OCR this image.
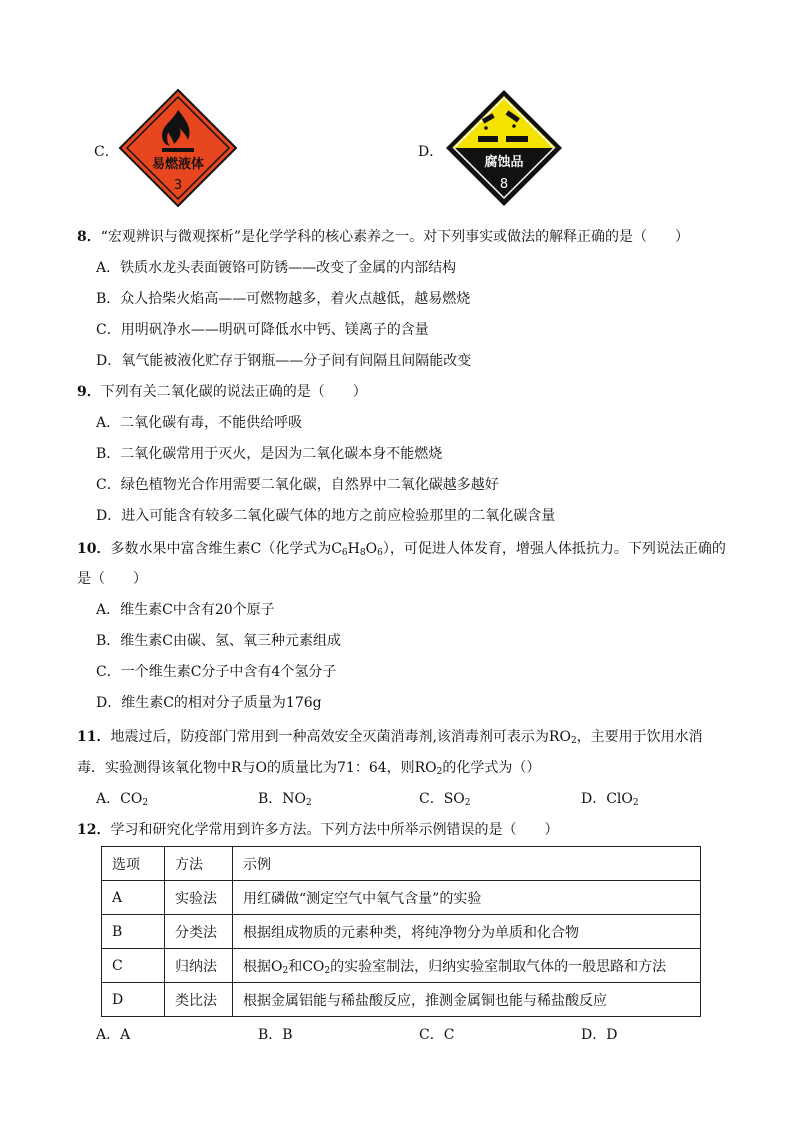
C．
易燃液体
3
D．
腐蚀品
8
8．“宏观辨识与微观探析”是化学学科的核心素养之一。对下列事实或做法的解释正确的是（　　）
A．铁质水龙头表面镀铬可防锈——改变了金属的内部结构
B．众人拾柴火焰高——可燃物越多，着火点越低，越易燃烧
C．用明矾净水——明矾可降低水中钙、镁离子的含量
D．氧气能被液化贮存于钢瓶——分子间有间隔且间隔能改变
9．下列有关二氧化碳的说法正确的是（　　）
A．二氧化碳有毒，不能供给呼吸
B．二氧化碳常用于灭火，是因为二氧化碳本身不能燃烧
C．绿色植物光合作用需要二氧化碳，自然界中二氧化碳越多越好
D．进入可能含有较多二氧化碳气体的地方之前应检验那里的二氧化碳含量
10．多数水果中富含维生素C（化学式为$C_6H_8O_6$），可促进人体发育，增强人体抵抗力。下列说法正确的
是（　　）
A．维生素C中含有20个原子
B．维生素C由碳、氢、氧三种元素组成
C．一个维生素C分子中含有4个氢分子
D．维生素C的相对分子质量为176g
11．地震过后，防疫部门常用到一种高效安全灭菌消毒剂,该消毒剂可表示为$RO_2$，主要用于饮用水消
毒．实验测得该氧化物中R与O的质量比为71：64，则$RO_2$的化学式为（）
A．$CO_2$	B．$NO_2$	C．$SO_2$	D．ClO$_2$
12．学习和研究化学常用到许多方法。下列方法中所举示例错误的是（　　）
选项	方法	示例
A	实验法	用红磷做“测定空气中氧气含量”的实验
B	分类法	根据组成物质的元素种类，将纯净物分为单质和化合物
C	归纳法	根据$O_2$和$CO_2$的实验室制法，归纳实验室制取气体的一般思路和方法
D	类比法	根据金属铝能与稀盐酸反应，推测金属铜也能与稀盐酸反应
A．A	B．B	C．C	D．D
